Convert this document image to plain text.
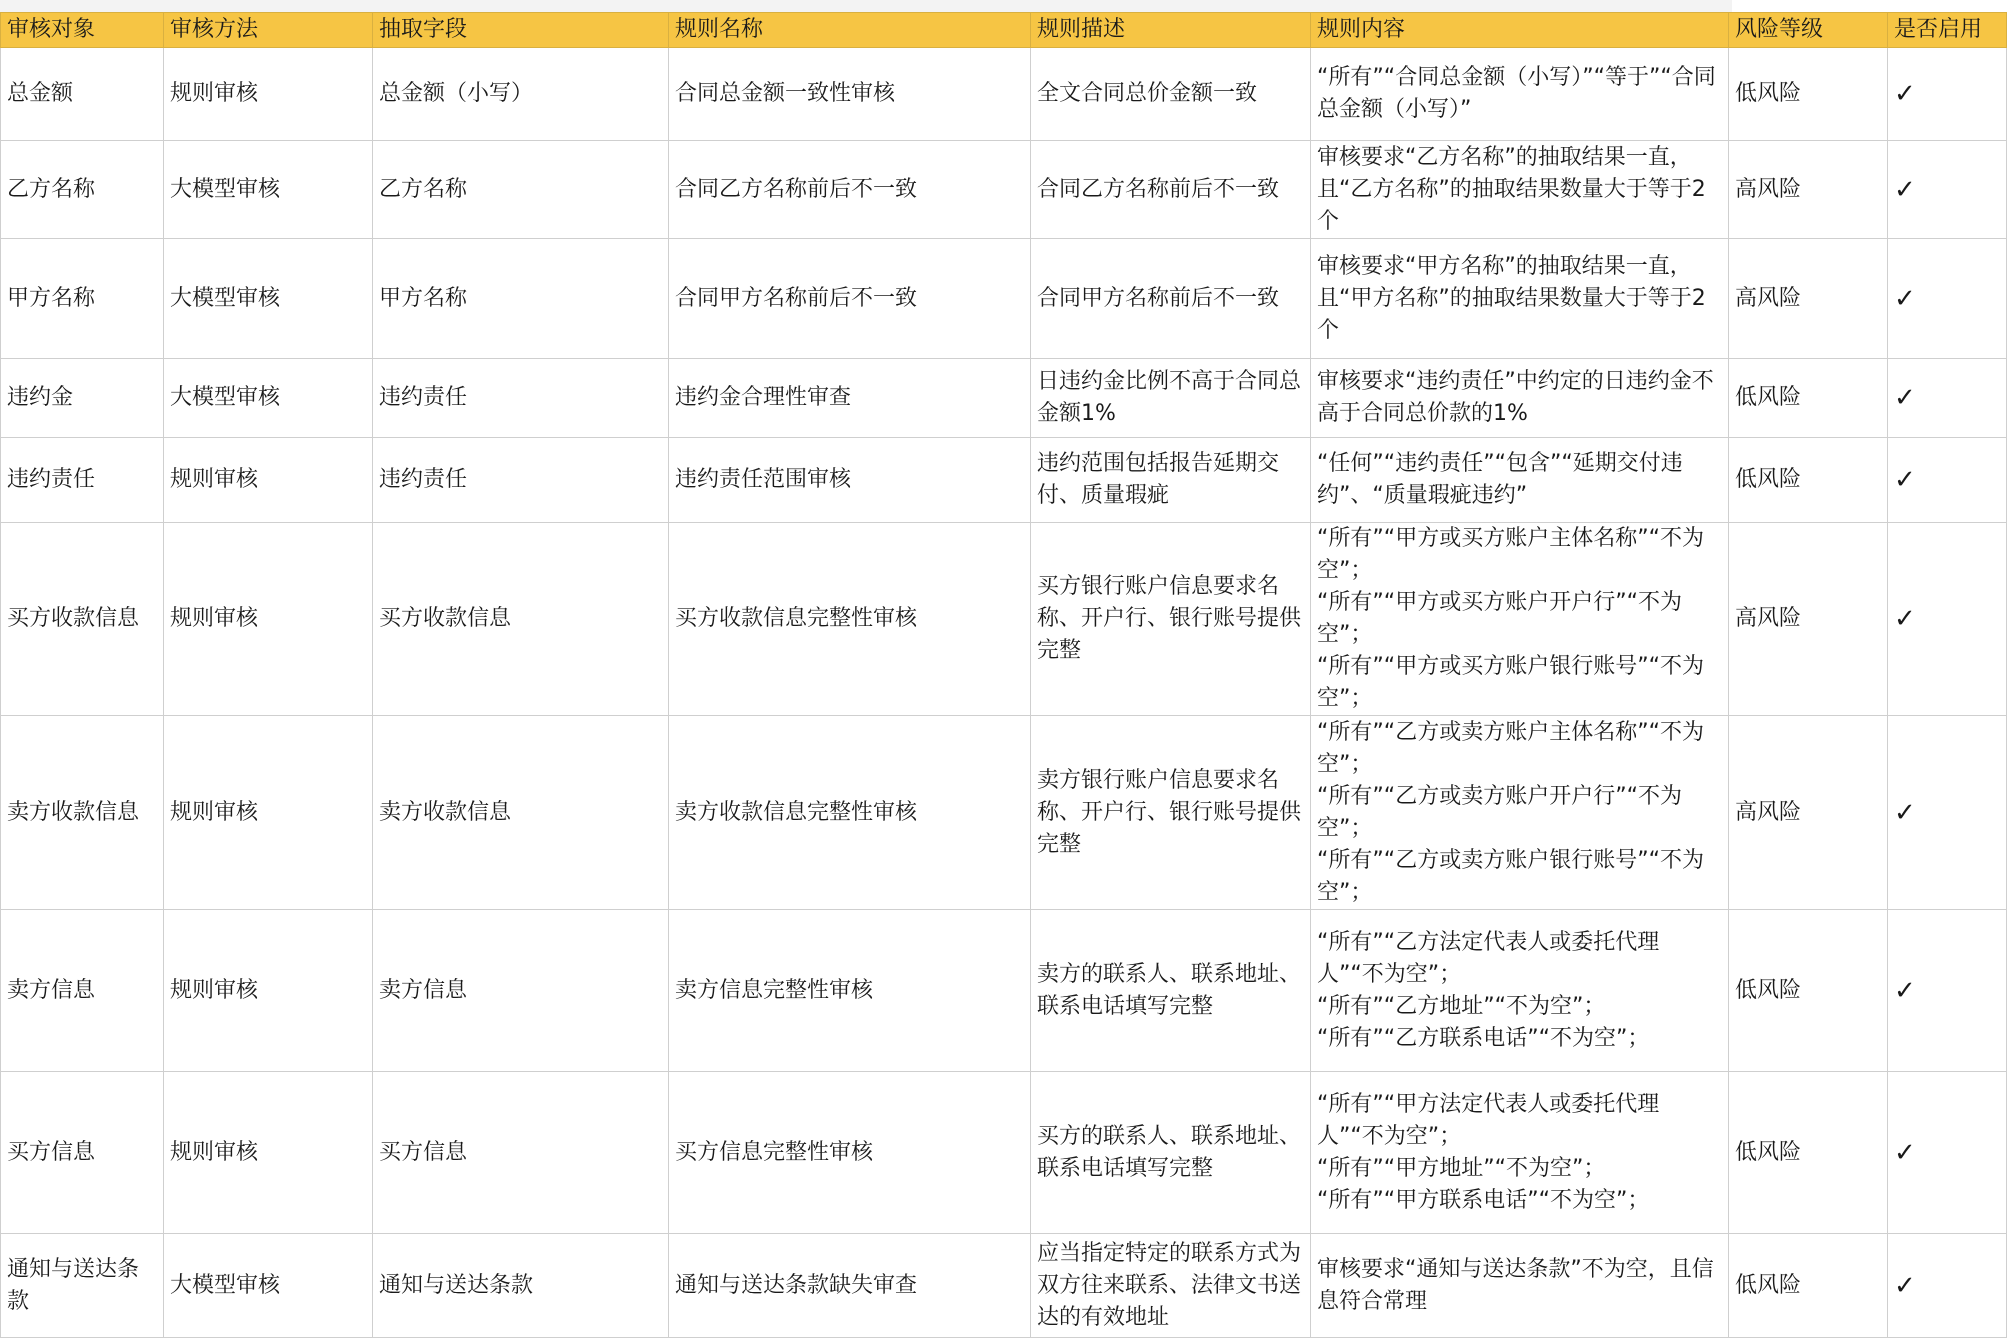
审核对象	审核方法	抽取字段	规则名称	规则描述	规则内容	风险等级	是否启用
总金额	规则审核	总金额（小写）	合同总金额一致性审核	全文合同总价金额一致	“所有”“合同总金额（小写）”“等于”“合同总金额（小写）”	低风险	✓
乙方名称	大模型审核	乙方名称	合同乙方名称前后不一致	合同乙方名称前后不一致	审核要求“乙方名称”的抽取结果一直，且“乙方名称”的抽取结果数量大于等于2个	高风险	✓
甲方名称	大模型审核	甲方名称	合同甲方名称前后不一致	合同甲方名称前后不一致	审核要求“甲方名称”的抽取结果一直，且“甲方名称”的抽取结果数量大于等于2个	高风险	✓
违约金	大模型审核	违约责任	违约金合理性审查	日违约金比例不高于合同总金额1%	审核要求“违约责任”中约定的日违约金不高于合同总价款的1%	低风险	✓
违约责任	规则审核	违约责任	违约责任范围审核	违约范围包括报告延期交付、质量瑕疵	“任何”“违约责任”“包含”“延期交付违约”、“质量瑕疵违约”	低风险	✓
买方收款信息	规则审核	买方收款信息	买方收款信息完整性审核	买方银行账户信息要求名称、开户行、银行账号提供完整	“所有”“甲方或买方账户主体名称”“不为空”；
“所有”“甲方或买方账户开户行”“不为空”；
“所有”“甲方或买方账户银行账号”“不为空”；	高风险	✓
卖方收款信息	规则审核	卖方收款信息	卖方收款信息完整性审核	卖方银行账户信息要求名称、开户行、银行账号提供完整	“所有”“乙方或卖方账户主体名称”“不为空”；
“所有”“乙方或卖方账户开户行”“不为空”；
“所有”“乙方或卖方账户银行账号”“不为空”；	高风险	✓
卖方信息	规则审核	卖方信息	卖方信息完整性审核	卖方的联系人、联系地址、联系电话填写完整	“所有”“乙方法定代表人或委托代理人”“不为空”；
“所有”“乙方地址”“不为空”；
“所有”“乙方联系电话”“不为空”；	低风险	✓
买方信息	规则审核	买方信息	买方信息完整性审核	买方的联系人、联系地址、联系电话填写完整	“所有”“甲方法定代表人或委托代理人”“不为空”；
“所有”“甲方地址”“不为空”；
“所有”“甲方联系电话”“不为空”；	低风险	✓
通知与送达条款	大模型审核	通知与送达条款	通知与送达条款缺失审查	应当指定特定的联系方式为双方往来联系、法律文书送达的有效地址	审核要求“通知与送达条款”不为空，且信息符合常理	低风险	✓
